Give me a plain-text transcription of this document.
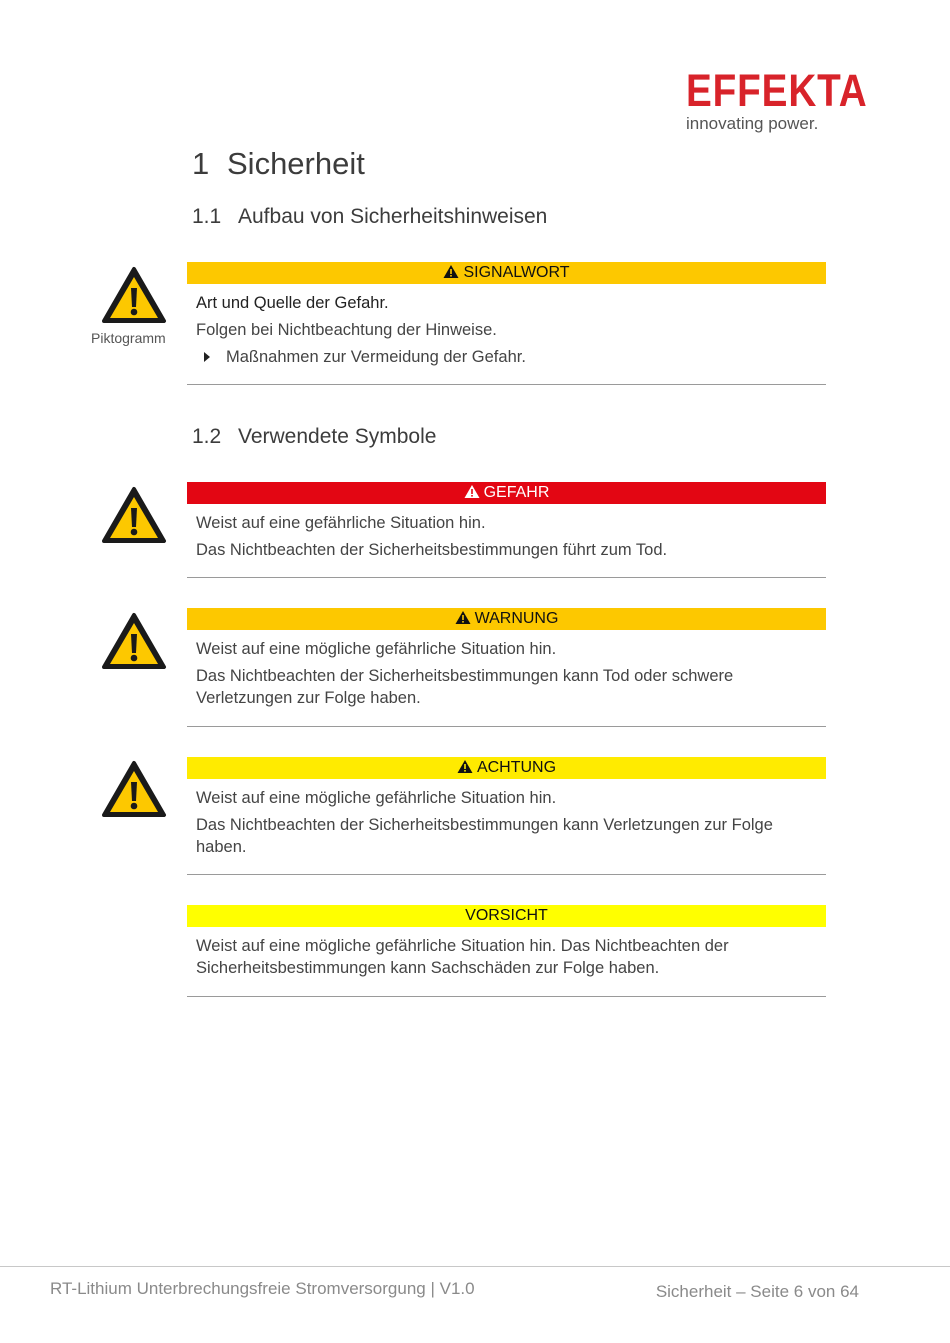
EFFEKTA
innovating power.
1 Sicherheit
1.1 Aufbau von Sicherheitshinweisen
Piktogramm
SIGNALWORT

Art und Quelle der Gefahr.

Folgen bei Nichtbeachtung der Hinweise.

Maßnahmen zur Vermeidung der Gefahr.

1.2 Verwendete Symbole
GEFAHR

Weist auf eine gefährliche Situation hin.

Das Nichtbeachten der Sicherheitsbestimmungen führt zum Tod.

WARNUNG

Weist auf eine mögliche gefährliche Situation hin.

Das Nichtbeachten der Sicherheitsbestimmungen kann Tod oder schwere Verletzungen zur Folge haben.

ACHTUNG

Weist auf eine mögliche gefährliche Situation hin.

Das Nichtbeachten der Sicherheitsbestimmungen kann Verletzungen zur Folge haben.

VORSICHT

Weist auf eine mögliche gefährliche Situation hin. Das Nichtbeachten der Sicherheitsbestimmungen kann Sachschäden zur Folge haben.

RT-Lithium Unterbrechungsfreie Stromversorgung | V1.0	Sicherheit – Seite 6 von 64
